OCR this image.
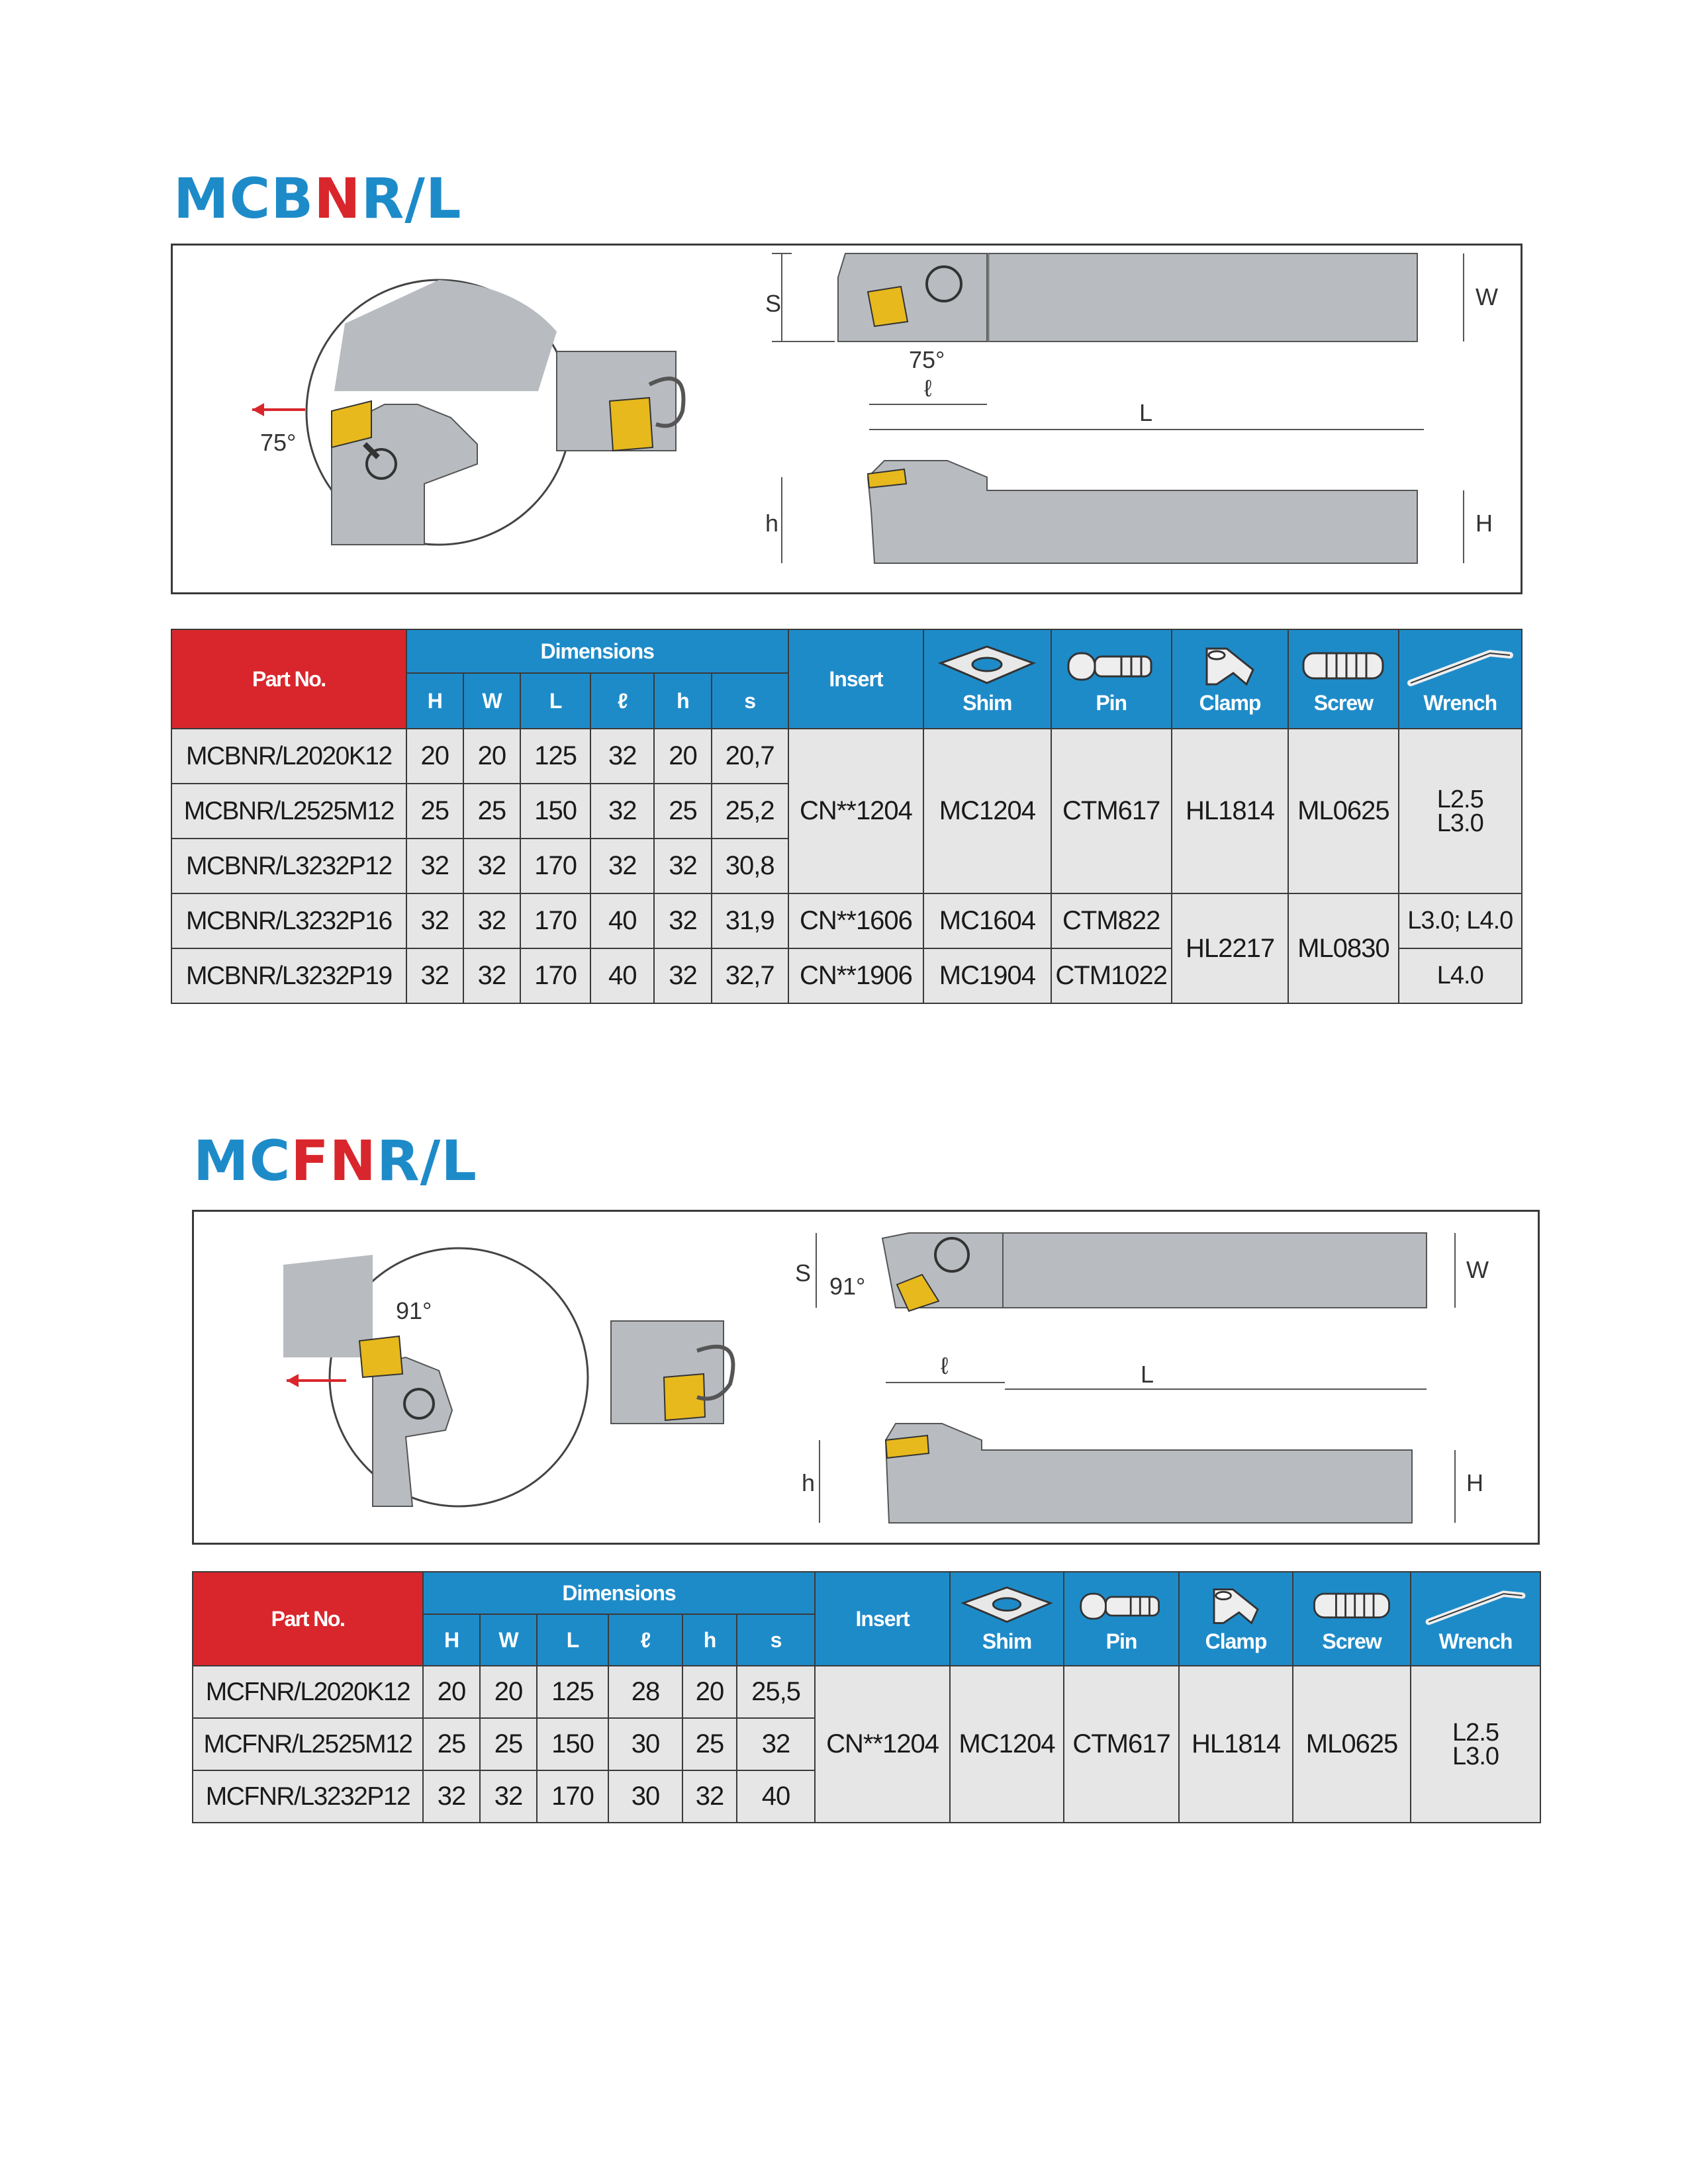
MCBNR/L
75°
S	W
75°
ℓ
L
h	H
Part No.	Dimensions						Insert	Shim	Pin	Clamp	Screw	Wrench
	H	W	L	ℓ	h	s						
MCBNR/L2020K12	20	20	125	32	20	20,7	CN**1204	MC1204	CTM617	HL1814	ML0625	L2.5
L3.0

MCBNR/L2525M12	25	25	150	32	25	25,2						
MCBNR/L3232P12	32	32	170	32	32	30,8						
MCBNR/L3232P16	32	32	170	40	32	31,9	CN**1606	MC1604	CTM822	HL2217	ML0830	L3.0; L4.0
MCBNR/L3232P19	32	32	170	40	32	32,7	CN**1906	MC1904	CTM1022			L4.0
MCFNR/L
91°
S 91°
W
ℓ	L
h	H
Part No.	Dimensions						Insert	Shim	Pin	Clamp	Screw	Wrench
	H	W	L	ℓ	h	s						
MCFNR/L2020K12	20	20	125	28	20	25,5	CN**1204	MC1204	CTM617	HL1814	ML0625	L2.5
L3.0

MCFNR/L2525M12	25	25	150	30	25	32						
MCFNR/L3232P12	32	32	170	30	32	40						
